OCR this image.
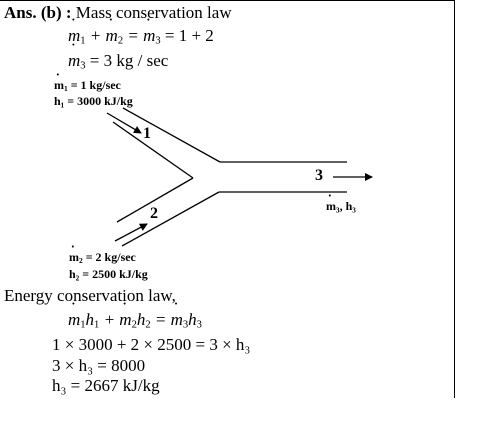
Ans. (b) : Mass conservation law
˙ $m_1$ + ˙ $m_2$ = ˙ $m_3 = 1 + 2$
˙ $m_3 = 3$ kg / sec
˙ $m_1 = 1$ kg/sec
h₁ = 3000 kJ/kg
˙ $m_2 = 2$ kg/sec
h₂ = 2500 kJ/kg
˙ m₃, h₃
1
2
3
Energy conservation law,
˙ $m_1h_1$ + ˙ $m_2h_2$ = ˙ $m_3h_3$
1 × 3000 + 2 × 2500 = 3 × h₃
3 × h₃ = 8000
h₃ = 2667 kJ/kg
